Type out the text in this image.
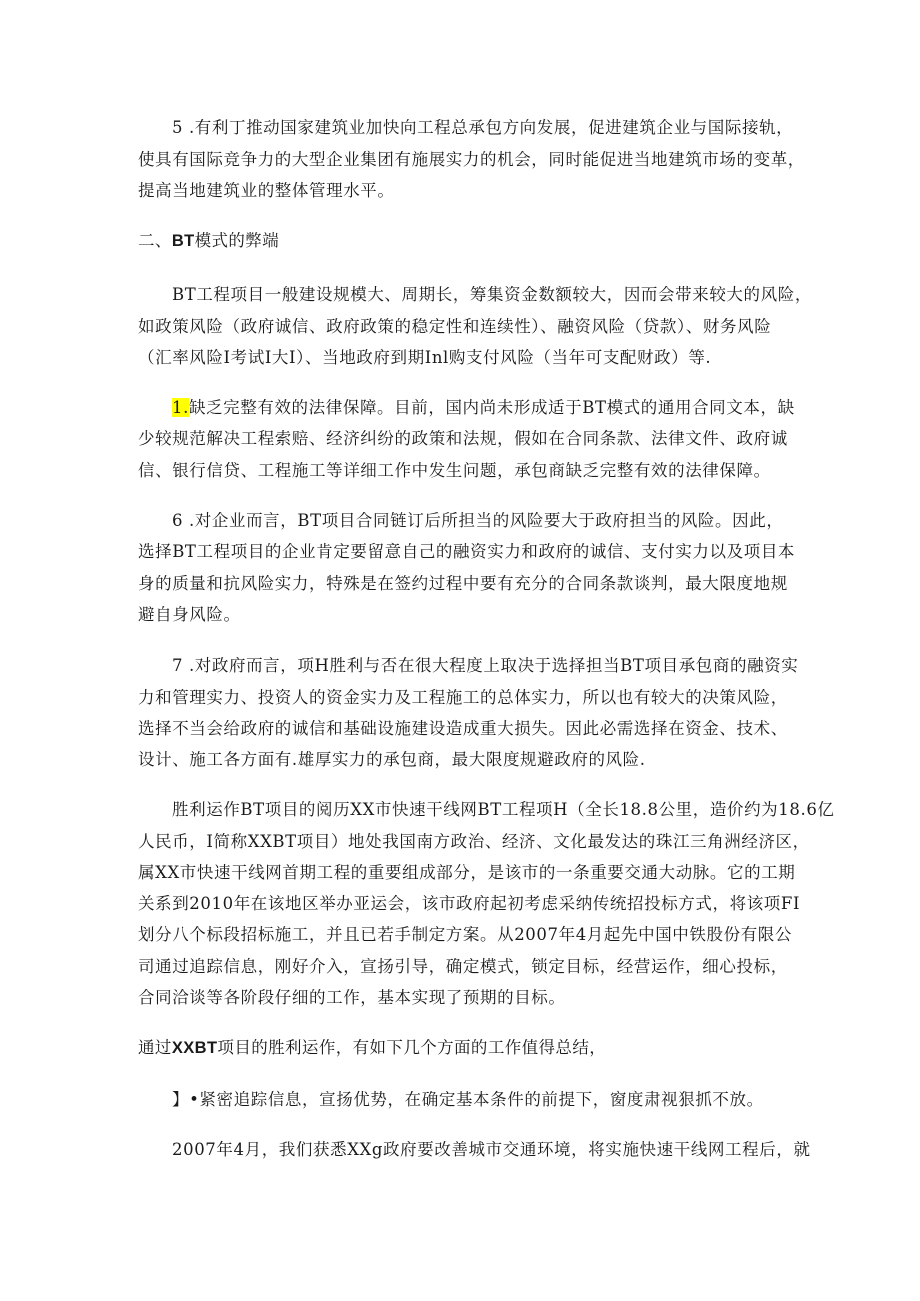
5 .有利丁推动国家建筑业加快向工程总承包方向发展，促进建筑企业与国际接轨，
使具有国际竞争力的大型企业集团有施展实力的机会，同时能促进当地建筑市场的变革，
提高当地建筑业的整体管理水平。
二、BT模式的弊端
BT工程项目一般建设规模大、周期长，筹集资金数额较大，因而会带来较大的风险，
如政策风险（政府诚信、政府政策的稳定性和连续性）、融资风险（贷款）、财务风险
（汇率风险I考试I大I）、当地政府到期Inl购支付风险（当年可支配财政）等.
1.缺乏完整有效的法律保障。目前，国内尚未形成适于BT模式的通用合同文本，缺
少较规范解决工程索赔、经济纠纷的政策和法规，假如在合同条款、法律文件、政府诚
信、银行信贷、工程施工等详细工作中发生问题，承包商缺乏完整有效的法律保障。
6 .对企业而言，BT项目合同链订后所担当的风险要大于政府担当的风险。因此，
选择BT工程项目的企业肯定要留意自己的融资实力和政府的诚信、支付实力以及项目本
身的质量和抗风险实力，特殊是在签约过程中要有充分的合同条款谈判，最大限度地规
避自身风险。
7 .对政府而言，项H胜利与否在很大程度上取决于选择担当BT项目承包商的融资实
力和管理实力、投资人的资金实力及工程施工的总体实力，所以也有较大的决策风险，
选择不当会给政府的诚信和基础设施建设造成重大损失。因此必需选择在资金、技术、
设计、施工各方面有.雄厚实力的承包商，最大限度规避政府的风险.
胜利运作BT项目的阅历XX市快速干线网BT工程项H（全长18.8公里，造价约为18.6亿
人民币，I简称XXBT项目）地处我国南方政治、经济、文化最发达的珠江三角洲经济区，
属XX市快速干线网首期工程的重要组成部分，是该市的一条重要交通大动脉。它的工期
关系到2010年在该地区举办亚运会，该市政府起初考虑采纳传统招投标方式，将该项FI
划分八个标段招标施工，并且已若手制定方案。从2007年4月起先中国中铁股份有限公
司通过追踪信息，刚好介入，宣扬引导，确定模式，锁定目标，经营运作，细心投标，
合同洽谈等各阶段仔细的工作，基本实现了预期的目标。
通过XXBT项目的胜利运作，有如下几个方面的工作值得总结，
】•紧密追踪信息，宣扬优势，在确定基本条件的前提下，窗度肃视狠抓不放。
2007年4月，我们获悉XXg政府要改善城市交通环境，将实施快速干线网工程后，就
